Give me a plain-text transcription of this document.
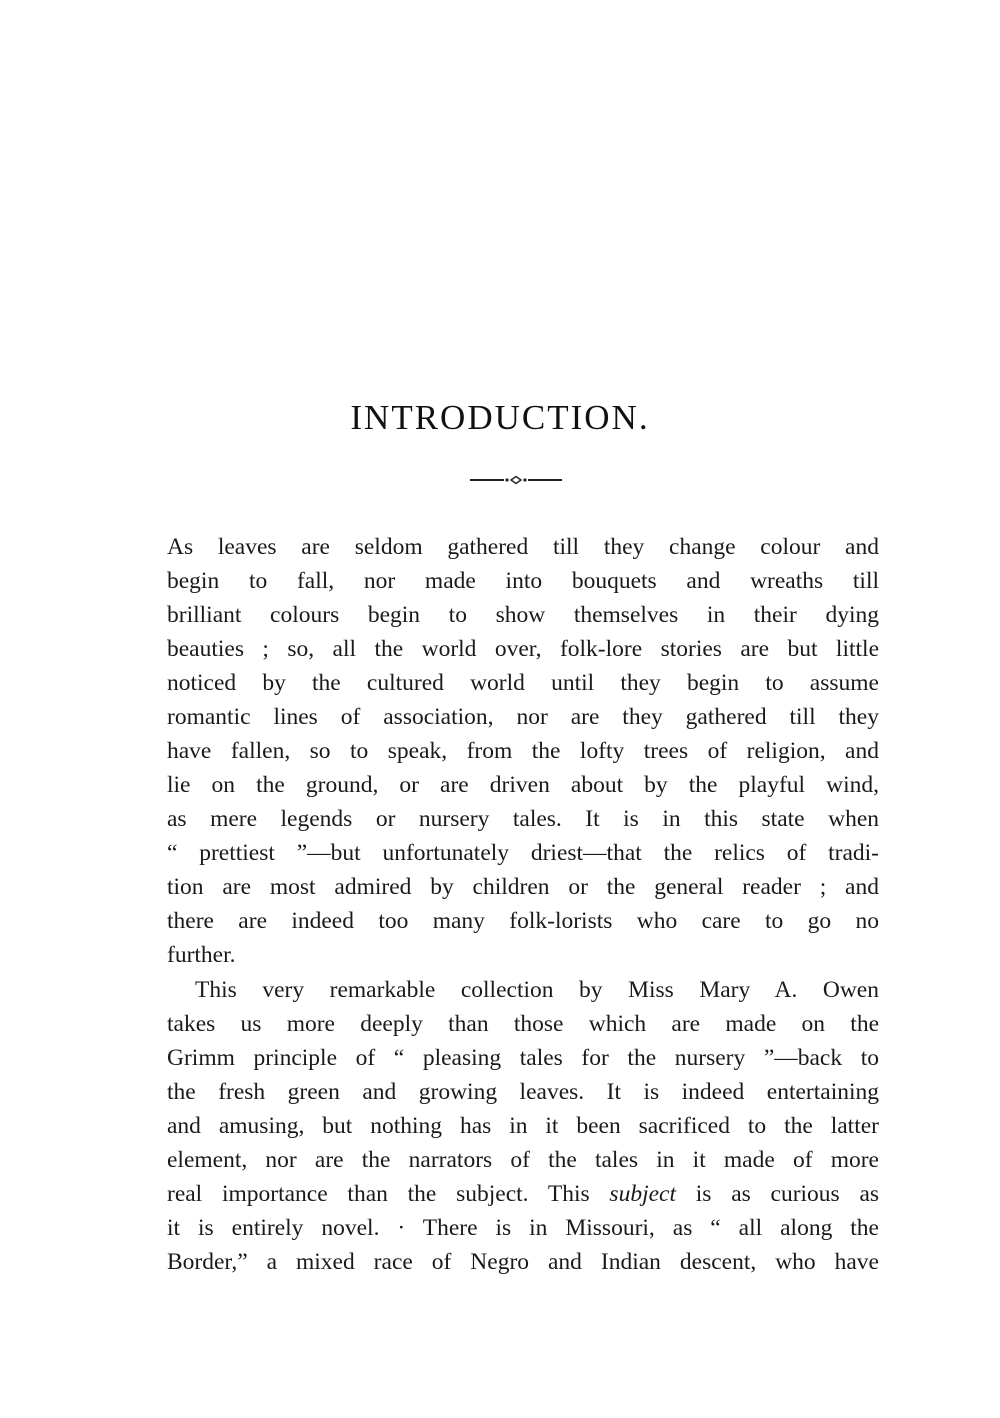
INTRODUCTION.
As leaves are seldom gathered till they change colour and
begin to fall, nor made into bouquets and wreaths till
brilliant colours begin to show themselves in their dying
beauties ; so, all the world over, folk-lore stories are but little
noticed by the cultured world until they begin to assume
romantic lines of association, nor are they gathered till they
have fallen, so to speak, from the lofty trees of religion, and
lie on the ground, or are driven about by the playful wind,
as mere legends or nursery tales. It is in this state when
“ prettiest ”—but unfortunately driest—that the relics of tradi-
tion are most admired by children or the general reader ; and
there are indeed too many folk-lorists who care to go no
further.
This very remarkable collection by Miss Mary A. Owen
takes us more deeply than those which are made on the
Grimm principle of “ pleasing tales for the nursery ”—back to
the fresh green and growing leaves. It is indeed entertaining
and amusing, but nothing has in it been sacrificed to the latter
element, nor are the narrators of the tales in it made of more
real importance than the subject. This subject is as curious as
it is entirely novel. · There is in Missouri, as “ all along the
Border,” a mixed race of Negro and Indian descent, who have
